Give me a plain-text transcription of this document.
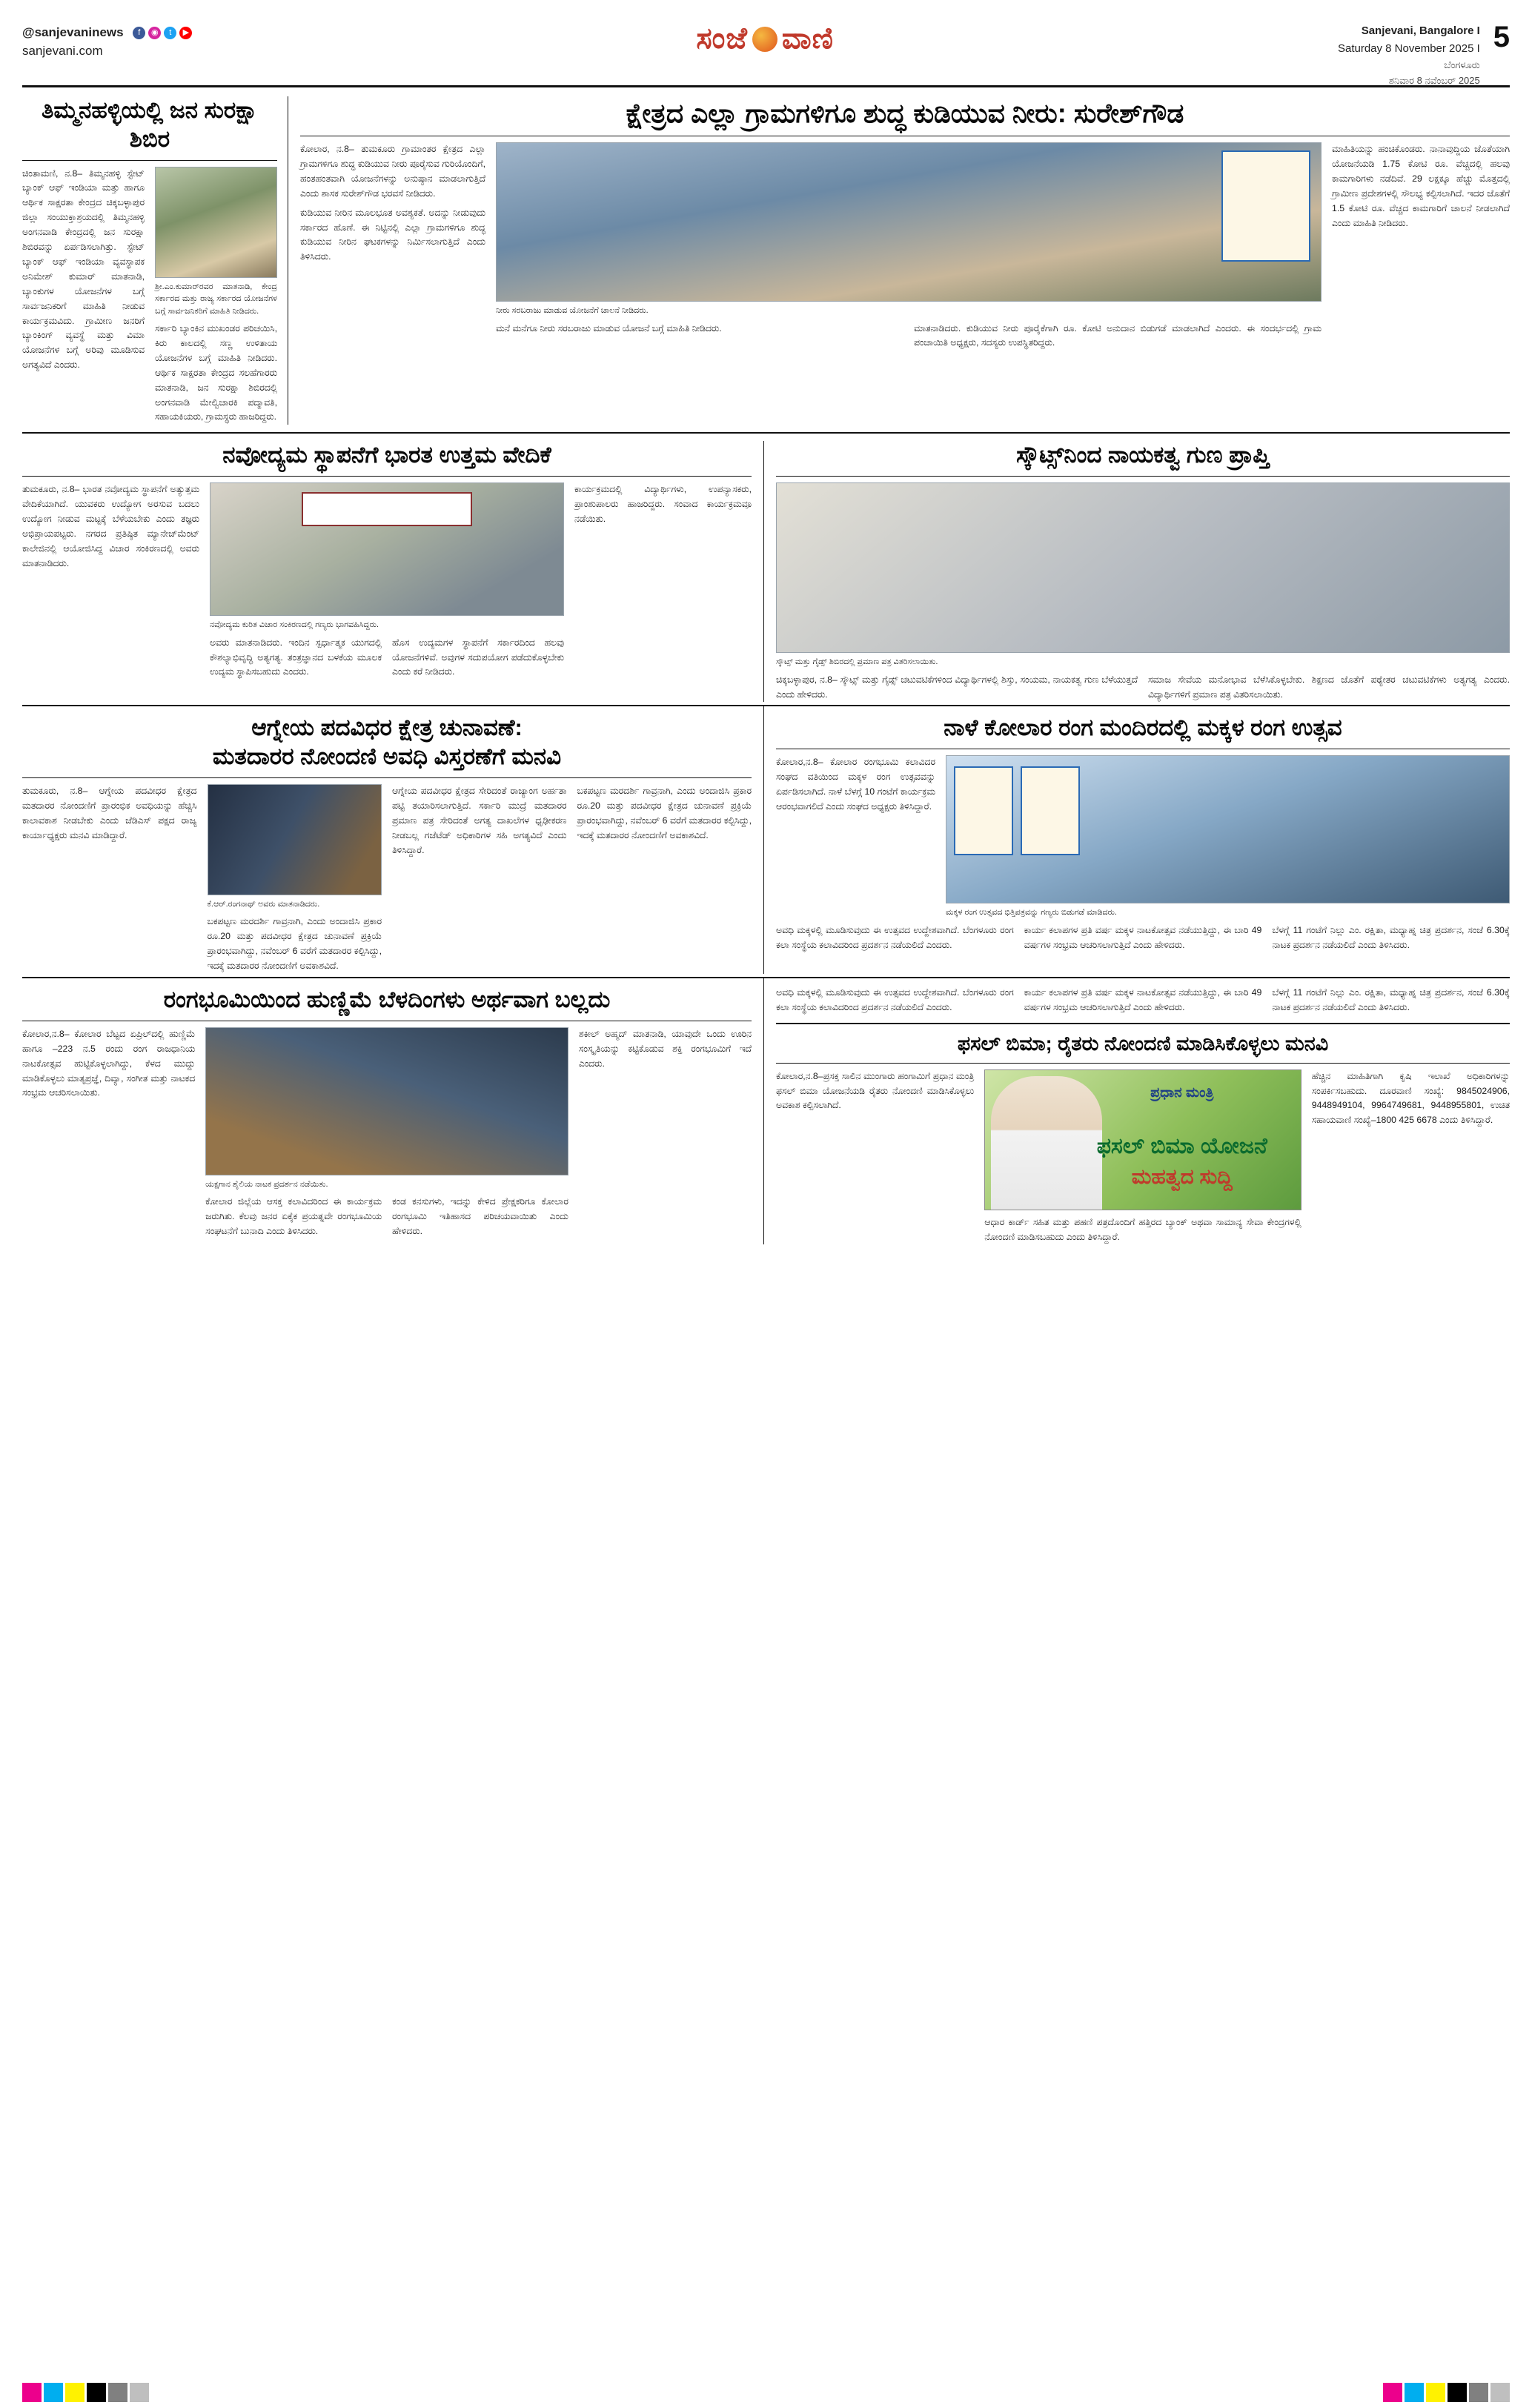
@sanjevaninews	f	◉	t	▶
sanjevani.com	ಸಂಜೆ ವಾಣಿ	Sanjevani, Bangalore I
Saturday 8 November 2025 I
ಬೆಂಗಳೂರು
ಶನಿವಾರ 8 ನವೆಂಬರ್ 2025
5
ತಿಮ್ಮನಹಳ್ಳಿಯಲ್ಲಿ ಜನ ಸುರಕ್ಷಾ ಶಿಬಿರ
ಚಿಂತಾಮಣಿ, ನ.8– ತಿಮ್ಮನಹಳ್ಳಿ ಸ್ಟೇಟ್‌ ಬ್ಯಾಂಕ್‌ ಆಫ್‌ ಇಂಡಿಯಾ ಮತ್ತು ಹಾಗೂ ಆರ್ಥಿಕ ಸಾಕ್ಷರತಾ ಕೇಂದ್ರದ ಚಿಕ್ಕಬಳ್ಳಾಪುರ ಜಿಲ್ಲಾ ಸಂಯುಕ್ತಾಶ್ರಯದಲ್ಲಿ ತಿಮ್ಮನಹಳ್ಳಿ ಅಂಗನವಾಡಿ ಕೇಂದ್ರದಲ್ಲಿ ಜನ ಸುರಕ್ಷಾ ಶಿಬಿರವನ್ನು ಏರ್ಪಡಿಸಲಾಗಿತ್ತು. ಸ್ಟೇಟ್ ಬ್ಯಾಂಕ್ ಆಫ್ ಇಂಡಿಯಾ ವ್ಯವಸ್ಥಾಪಕ ಅನಿಮೇಶ್ ಕುಮಾರ್ ಮಾತನಾಡಿ, ಬ್ಯಾಂಕುಗಳ ಯೋಜನೆಗಳ ಬಗ್ಗೆ ಸಾರ್ವಜನಿಕರಿಗೆ ಮಾಹಿತಿ ನೀಡುವ ಕಾರ್ಯಕ್ರಮವಿದು. ಗ್ರಾಮೀಣ ಜನರಿಗೆ ಬ್ಯಾಂಕಿಂಗ್ ವ್ಯವಸ್ಥೆ ಮತ್ತು ವಿಮಾ ಯೋಜನೆಗಳ ಬಗ್ಗೆ ಅರಿವು ಮೂಡಿಸುವ ಅಗತ್ಯವಿದೆ ಎಂದರು.
ಶ್ರೀ.ಎಂ.ಕುಮಾರ್‌ರವರ ಮಾತನಾಡಿ, ಕೇಂದ್ರ ಸರ್ಕಾರದ ಮತ್ತು ರಾಜ್ಯ ಸರ್ಕಾರದ ಯೋಜನೆಗಳ ಬಗ್ಗೆ ಸಾರ್ವಜನಿಕರಿಗೆ ಮಾಹಿತಿ ನೀಡಿದರು.
ಸರ್ಕಾರಿ ಬ್ಯಾಂಕಿನ ಮುಖಂಡರ ಪರಿಚಯಿಸಿ, ಕಿರು ಕಾಲದಲ್ಲಿ ಸಣ್ಣ ಉಳಿತಾಯ ಯೋಜನೆಗಳ ಬಗ್ಗೆ ಮಾಹಿತಿ ನೀಡಿದರು. ಆರ್ಥಿಕ ಸಾಕ್ಷರತಾ ಕೇಂದ್ರದ ಸಲಹೆಗಾರರು ಮಾತನಾಡಿ, ಜನ ಸುರಕ್ಷಾ ಶಿಬಿರದಲ್ಲಿ ಅಂಗನವಾಡಿ ಮೇಲ್ವಿಚಾರಕಿ ಪದ್ಮಾವತಿ, ಸಹಾಯಕಿಯರು, ಗ್ರಾಮಸ್ಥರು ಹಾಜರಿದ್ದರು.
ಕ್ಷೇತ್ರದ ಎಲ್ಲಾ ಗ್ರಾಮಗಳಿಗೂ ಶುದ್ಧ ಕುಡಿಯುವ ನೀರು: ಸುರೇಶ್‌ಗೌಡ
ಕೋಲಾರ, ನ.8– ತುಮಕೂರು ಗ್ರಾಮಾಂತರ ಕ್ಷೇತ್ರದ ಎಲ್ಲಾ ಗ್ರಾಮಗಳಿಗೂ ಶುದ್ಧ ಕುಡಿಯುವ ನೀರು ಪೂರೈಸುವ ಗುರಿಯೊಂದಿಗೆ, ಹಂತಹಂತವಾಗಿ ಯೋಜನೆಗಳನ್ನು ಅನುಷ್ಠಾನ ಮಾಡಲಾಗುತ್ತಿದೆ ಎಂದು ಶಾಸಕ ಸುರೇಶ್‌ಗೌಡ ಭರವಸೆ ನೀಡಿದರು.
ಕುಡಿಯುವ ನೀರಿನ ಮೂಲಭೂತ ಅವಶ್ಯಕತೆ. ಅದನ್ನು ನೀಡುವುದು ಸರ್ಕಾರದ ಹೊಣೆ. ಈ ನಿಟ್ಟಿನಲ್ಲಿ ಎಲ್ಲಾ ಗ್ರಾಮಗಳಿಗೂ ಶುದ್ಧ ಕುಡಿಯುವ ನೀರಿನ ಘಟಕಗಳನ್ನು ನಿರ್ಮಿಸಲಾಗುತ್ತಿದೆ ಎಂದು ತಿಳಿಸಿದರು.
ನೀರು ಸರಬರಾಜು ಮಾಡುವ ಯೋಜನೆಗೆ ಚಾಲನೆ ನೀಡಿದರು.
ಮನೆ ಮನೆಗೂ ನೀರು ಸರಬರಾಜು ಮಾಡುವ ಯೋಜನೆ ಬಗ್ಗೆ ಮಾಹಿತಿ ನೀಡಿದರು.	ಮಾತನಾಡಿದರು. ಕುಡಿಯುವ ನೀರು ಪೂರೈಕೆಗಾಗಿ ರೂ. ಕೋಟಿ ಅನುದಾನ ಬಿಡುಗಡೆ ಮಾಡಲಾಗಿದೆ ಎಂದರು. ಈ ಸಂದರ್ಭದಲ್ಲಿ ಗ್ರಾಮ ಪಂಚಾಯಿತಿ ಅಧ್ಯಕ್ಷರು, ಸದಸ್ಯರು ಉಪಸ್ಥಿತರಿದ್ದರು.
ಮಾಹಿತಿಯನ್ನು ಹಂಚಿಕೊಂಡರು. ನಾನಾವುದ್ದಿಯ ಜೊತೆಯಾಗಿ ಯೋಜನೆಯಡಿ 1.75 ಕೋಟಿ ರೂ. ವೆಚ್ಚದಲ್ಲಿ ಹಲವು ಕಾಮಗಾರಿಗಳು ನಡೆದಿವೆ. 29 ಲಕ್ಷಕ್ಕೂ ಹೆಚ್ಚು ಮೊತ್ತದಲ್ಲಿ ಗ್ರಾಮೀಣ ಪ್ರದೇಶಗಳಲ್ಲಿ ಸೌಲಭ್ಯ ಕಲ್ಪಿಸಲಾಗಿದೆ. ಇದರ ಜೊತೆಗೆ 1.5 ಕೋಟಿ ರೂ. ವೆಚ್ಚದ ಕಾಮಗಾರಿಗೆ ಚಾಲನೆ ನೀಡಲಾಗಿದೆ ಎಂದು ಮಾಹಿತಿ ನೀಡಿದರು.
ನವೋದ್ಯಮ ಸ್ಥಾಪನೆಗೆ ಭಾರತ ಉತ್ತಮ ವೇದಿಕೆ
ತುಮಕೂರು, ನ.8– ಭಾರತ ನವೋದ್ಯಮ ಸ್ಥಾಪನೆಗೆ ಅತ್ಯುತ್ತಮ ವೇದಿಕೆಯಾಗಿದೆ. ಯುವಕರು ಉದ್ಯೋಗ ಅರಸುವ ಬದಲು ಉದ್ಯೋಗ ನೀಡುವ ಮಟ್ಟಕ್ಕೆ ಬೆಳೆಯಬೇಕು ಎಂದು ತಜ್ಞರು ಅಭಿಪ್ರಾಯಪಟ್ಟರು. ನಗರದ ಪ್ರತಿಷ್ಠಿತ ಮ್ಯಾನೇಜ್‌ಮೆಂಟ್ ಕಾಲೇಜಿನಲ್ಲಿ ಆಯೋಜಿಸಿದ್ದ ವಿಚಾರ ಸಂಕಿರಣದಲ್ಲಿ ಅವರು ಮಾತನಾಡಿದರು.
ನವೋದ್ಯಮ ಕುರಿತ ವಿಚಾರ ಸಂಕಿರಣದಲ್ಲಿ ಗಣ್ಯರು ಭಾಗವಹಿಸಿದ್ದರು.
ಅವರು ಮಾತನಾಡಿದರು. ಇಂದಿನ ಸ್ಪರ್ಧಾತ್ಮಕ ಯುಗದಲ್ಲಿ ಕೌಶಲ್ಯಾಭಿವೃದ್ಧಿ ಅತ್ಯಗತ್ಯ. ತಂತ್ರಜ್ಞಾನದ ಬಳಕೆಯ ಮೂಲಕ ಉದ್ಯಮ ಸ್ಥಾಪಿಸಬಹುದು ಎಂದರು.
ಹೊಸ ಉದ್ಯಮಗಳ ಸ್ಥಾಪನೆಗೆ ಸರ್ಕಾರದಿಂದ ಹಲವು ಯೋಜನೆಗಳಿವೆ. ಅವುಗಳ ಸದುಪಯೋಗ ಪಡೆದುಕೊಳ್ಳಬೇಕು ಎಂದು ಕರೆ ನೀಡಿದರು.
ಕಾರ್ಯಕ್ರಮದಲ್ಲಿ ವಿದ್ಯಾರ್ಥಿಗಳು, ಉಪನ್ಯಾಸಕರು, ಪ್ರಾಂಶುಪಾಲರು ಹಾಜರಿದ್ದರು. ಸಂವಾದ ಕಾರ್ಯಕ್ರಮವೂ ನಡೆಯಿತು.
ಸ್ಕೌಟ್ಸ್‌ನಿಂದ ನಾಯಕತ್ವ ಗುಣ ಪ್ರಾಪ್ತಿ
ಸ್ಕೌಟ್ಸ್ ಮತ್ತು ಗೈಡ್ಸ್ ಶಿಬಿರದಲ್ಲಿ ಪ್ರಮಾಣ ಪತ್ರ ವಿತರಿಸಲಾಯಿತು.
ಚಿಕ್ಕಬಳ್ಳಾಪುರ, ನ.8– ಸ್ಕೌಟ್ಸ್ ಮತ್ತು ಗೈಡ್ಸ್ ಚಟುವಟಿಕೆಗಳಿಂದ ವಿದ್ಯಾರ್ಥಿಗಳಲ್ಲಿ ಶಿಸ್ತು, ಸಂಯಮ, ನಾಯಕತ್ವ ಗುಣ ಬೆಳೆಯುತ್ತದೆ ಎಂದು ಹೇಳಿದರು.
ಸಮಾಜ ಸೇವೆಯ ಮನೋಭಾವ ಬೆಳೆಸಿಕೊಳ್ಳಬೇಕು. ಶಿಕ್ಷಣದ ಜೊತೆಗೆ ಪಠ್ಯೇತರ ಚಟುವಟಿಕೆಗಳು ಅತ್ಯಗತ್ಯ ಎಂದರು. ವಿದ್ಯಾರ್ಥಿಗಳಿಗೆ ಪ್ರಮಾಣ ಪತ್ರ ವಿತರಿಸಲಾಯಿತು.
ಆಗ್ನೇಯ ಪದವಿಧರ ಕ್ಷೇತ್ರ ಚುನಾವಣೆ:
ಮತದಾರರ ನೋಂದಣಿ ಅವಧಿ ವಿಸ್ತರಣೆಗೆ ಮನವಿ
ತುಮಕೂರು, ನ.8– ಆಗ್ನೇಯ ಪದವೀಧರ ಕ್ಷೇತ್ರದ ಮತದಾರರ ನೋಂದಣಿಗೆ ಪ್ರಾರಂಭಿಕ ಅವಧಿಯನ್ನು ಹೆಚ್ಚಿಸಿ ಕಾಲಾವಕಾಶ ನೀಡಬೇಕು ಎಂದು ಜೆಡಿಎಸ್ ಪಕ್ಷದ ರಾಜ್ಯ ಕಾರ್ಯಾಧ್ಯಕ್ಷರು ಮನವಿ ಮಾಡಿದ್ದಾರೆ.
ಕೆ.ಆರ್.ರಂಗನಾಥ್ ಅವರು ಮಾತನಾಡಿದರು.
ಬಕಪಟ್ಟಣ ಮರದರ್ಶಿ ಗಾವ್ರನಾಗಿ, ಎಂದು ಅಂದಾಜಿಸಿ ಪ್ರಕಾರ ರೂ.20 ಮತ್ತು ಪದವೀಧರ ಕ್ಷೇತ್ರದ ಚುನಾವಣೆ ಪ್ರಕ್ರಿಯೆ ಪ್ರಾರಂಭವಾಗಿದ್ದು, ನವೆಂಬರ್ 6 ವರೆಗೆ ಮತದಾರರ ಕಲ್ಪಿಸಿದ್ದು, ಇದಕ್ಕೆ ಮತದಾರರ ನೋಂದಣಿಗೆ ಅವಕಾಶವಿದೆ.
ಆಗ್ನೇಯ ಪದವೀಧರ ಕ್ಷೇತ್ರದ ಸೇರಿದಂತೆ ರಾಜ್ಯಾಂಗ ಅರ್ಹತಾ ಪಟ್ಟಿ ತಯಾರಿಸಲಾಗುತ್ತಿದೆ. ಸರ್ಕಾರಿ ಮುದ್ರೆ ಮತದಾರರ ಪ್ರಮಾಣ ಪತ್ರ ಸೇರಿದಂತೆ ಅಗತ್ಯ ದಾಖಲೆಗಳ ಧೃಢೀಕರಣ ನೀಡಬಲ್ಲ ಗಜೆಟೆಡ್ ಅಧಿಕಾರಿಗಳ ಸಹಿ ಅಗತ್ಯವಿದೆ ಎಂದು ತಿಳಿಸಿದ್ದಾರೆ.
ಬಕಪಟ್ಟಣ ಮರದರ್ಶಿ ಗಾವ್ರನಾಗಿ, ಎಂದು ಅಂದಾಜಿಸಿ ಪ್ರಕಾರ ರೂ.20 ಮತ್ತು ಪದವೀಧರ ಕ್ಷೇತ್ರದ ಚುನಾವಣೆ ಪ್ರಕ್ರಿಯೆ ಪ್ರಾರಂಭವಾಗಿದ್ದು, ನವೆಂಬರ್ 6 ವರೆಗೆ ಮತದಾರರ ಕಲ್ಪಿಸಿದ್ದು, ಇದಕ್ಕೆ ಮತದಾರರ ನೋಂದಣಿಗೆ ಅವಕಾಶವಿದೆ.
ನಾಳೆ ಕೋಲಾರ ರಂಗ ಮಂದಿರದಲ್ಲಿ ಮಕ್ಕಳ ರಂಗ ಉತ್ಸವ
ಕೋಲಾರ,ನ.8– ಕೋಲಾರ ರಂಗಭೂಮಿ ಕಲಾವಿದರ ಸಂಘದ ವತಿಯಿಂದ ಮಕ್ಕಳ ರಂಗ ಉತ್ಸವವನ್ನು ಏರ್ಪಡಿಸಲಾಗಿದೆ. ನಾಳೆ ಬೆಳಗ್ಗೆ 10 ಗಂಟೆಗೆ ಕಾರ್ಯಕ್ರಮ ಆರಂಭವಾಗಲಿದೆ ಎಂದು ಸಂಘದ ಅಧ್ಯಕ್ಷರು ತಿಳಿಸಿದ್ದಾರೆ.
ಮಕ್ಕಳ ರಂಗ ಉತ್ಸವದ ಭಿತ್ತಿಪತ್ರವನ್ನು ಗಣ್ಯರು ಬಿಡುಗಡೆ ಮಾಡಿದರು.
ಅವಧಿ ಮಕ್ಕಳಲ್ಲಿ ಮೂಡಿಸುವುದು ಈ ಉತ್ಸವದ ಉದ್ದೇಶವಾಗಿದೆ. ಬೆಂಗಳೂರು ರಂಗ ಕಲಾ ಸಂಸ್ಥೆಯ ಕಲಾವಿದರಿಂದ ಪ್ರದರ್ಶನ ನಡೆಯಲಿದೆ ಎಂದರು.
ಕಾರ್ಯ ಕಲಾಪಗಳ ಪ್ರತಿ ವರ್ಷ ಮಕ್ಕಳ ನಾಟಕೋತ್ಸವ ನಡೆಯುತ್ತಿದ್ದು, ಈ ಬಾರಿ 49 ವರ್ಷಗಳ ಸಂಭ್ರಮ ಆಚರಿಸಲಾಗುತ್ತಿದೆ ಎಂದು ಹೇಳಿದರು.
ಬೆಳಗ್ಗೆ 11 ಗಂಟೆಗೆ ನಿಲ್ಲು ಎಂ. ರಕ್ಷಿತಾ, ಮಧ್ಯಾಹ್ನ ಚಿತ್ರ ಪ್ರದರ್ಶನ, ಸಂಜೆ 6.30ಕ್ಕೆ ನಾಟಕ ಪ್ರದರ್ಶನ ನಡೆಯಲಿದೆ ಎಂದು ತಿಳಿಸಿದರು.
ರಂಗಭೂಮಿಯಿಂದ ಹುಣ್ಣಿಮೆ ಬೆಳದಿಂಗಳು ಅರ್ಥವಾಗ ಬಲ್ಲದು
ಕೋಲಾರ,ನ.8– ಕೋಲಾರ ಬೆಟ್ಟದ ಏಪ್ರಿಲ್‌ದಲ್ಲಿ ಹುಣ್ಣಿಮೆ ಹಾಗೂ –223 ನ.5 ರಂದು ರಂಗ ರಾಜಧಾನಿಯ ನಾಟಕೋತ್ಸವ ಹುಟ್ಟಿಕೊಳ್ಳಲಾಗಿದ್ದು, ಕೆಳದ ಮುದ್ದು ಮಾಡಿಕೊಳ್ಳಲು ಮಾತೃಪ್ರಜ್ಞೆ, ದಿವ್ಯಾ, ಸಂಗೀತ ಮತ್ತು ನಾಟಕದ ಸಂಭ್ರಮ ಆಚರಿಸಲಾಯಿತು.
ಯಕ್ಷಗಾನ ಶೈಲಿಯ ನಾಟಕ ಪ್ರದರ್ಶನ ನಡೆಯಿತು.
ಕೋಲಾರ ಜಿಲ್ಲೆಯ ಆಸಕ್ತ ಕಲಾವಿದರಿಂದ ಈ ಕಾರ್ಯಕ್ರಮ ಜರುಗಿತು. ಕೆಲವು ಜನರ ಏಕೈಕ ಪ್ರಯತ್ನವೇ ರಂಗಭೂಮಿಯ ಸಂಘಟನೆಗೆ ಬುನಾದಿ ಎಂದು ತಿಳಿಸಿದರು.
ಕಂಡ ಕನಸುಗಳು, ಇದನ್ನು ಕೇಳಿದ ಪ್ರೇಕ್ಷಕರಿಗೂ ಕೋಲಾರ ರಂಗಭೂಮಿ ಇತಿಹಾಸದ ಪರಿಚಯವಾಯಿತು ಎಂದು ಹೇಳಿದರು.
ಶಕೀಲ್ ಅಹ್ಮದ್ ಮಾತನಾಡಿ, ಯಾವುದೇ ಒಂದು ಊರಿನ ಸಂಸ್ಕೃತಿಯನ್ನು ಕಟ್ಟಿಕೊಡುವ ಶಕ್ತಿ ರಂಗಭೂಮಿಗೆ ಇದೆ ಎಂದರು.
ಅವಧಿ ಮಕ್ಕಳಲ್ಲಿ ಮೂಡಿಸುವುದು ಈ ಉತ್ಸವದ ಉದ್ದೇಶವಾಗಿದೆ. ಬೆಂಗಳೂರು ರಂಗ ಕಲಾ ಸಂಸ್ಥೆಯ ಕಲಾವಿದರಿಂದ ಪ್ರದರ್ಶನ ನಡೆಯಲಿದೆ ಎಂದರು.
ಕಾರ್ಯ ಕಲಾಪಗಳ ಪ್ರತಿ ವರ್ಷ ಮಕ್ಕಳ ನಾಟಕೋತ್ಸವ ನಡೆಯುತ್ತಿದ್ದು, ಈ ಬಾರಿ 49 ವರ್ಷಗಳ ಸಂಭ್ರಮ ಆಚರಿಸಲಾಗುತ್ತಿದೆ ಎಂದು ಹೇಳಿದರು.
ಬೆಳಗ್ಗೆ 11 ಗಂಟೆಗೆ ನಿಲ್ಲು ಎಂ. ರಕ್ಷಿತಾ, ಮಧ್ಯಾಹ್ನ ಚಿತ್ರ ಪ್ರದರ್ಶನ, ಸಂಜೆ 6.30ಕ್ಕೆ ನಾಟಕ ಪ್ರದರ್ಶನ ನಡೆಯಲಿದೆ ಎಂದು ತಿಳಿಸಿದರು.
ಫಸಲ್ ಬಿಮಾ; ರೈತರು ನೋಂದಣಿ ಮಾಡಿಸಿಕೊಳ್ಳಲು ಮನವಿ
ಕೋಲಾರ,ನ.8–ಪ್ರಸಕ್ತ ಸಾಲಿನ ಮುಂಗಾರು ಹಂಗಾಮಿಗೆ ಪ್ರಧಾನ ಮಂತ್ರಿ ಫಸಲ್ ಬಿಮಾ ಯೋಜನೆಯಡಿ ರೈತರು ನೋಂದಣಿ ಮಾಡಿಸಿಕೊಳ್ಳಲು ಅವಕಾಶ ಕಲ್ಪಿಸಲಾಗಿದೆ.
ಪ್ರಧಾನ ಮಂತ್ರಿ
ಫಸಲ್ ಬಿಮಾ ಯೋಜನೆ
ಮಹತ್ವದ ಸುದ್ದಿ
ಆಧಾರ ಕಾರ್ಡ್ ಸಹಿತ ಮತ್ತು ಪಹಣಿ ಪತ್ರದೊಂದಿಗೆ ಹತ್ತಿರದ ಬ್ಯಾಂಕ್ ಅಥವಾ ಸಾಮಾನ್ಯ ಸೇವಾ ಕೇಂದ್ರಗಳಲ್ಲಿ ನೋಂದಣಿ ಮಾಡಿಸಬಹುದು ಎಂದು ತಿಳಿಸಿದ್ದಾರೆ.
ಹೆಚ್ಚಿನ ಮಾಹಿತಿಗಾಗಿ ಕೃಷಿ ಇಲಾಖೆ ಅಧಿಕಾರಿಗಳನ್ನು ಸಂಪರ್ಕಿಸಬಹುದು. ದೂರವಾಣಿ ಸಂಖ್ಯೆ: 9845024906, 9448949104, 9964749681, 9448955801, ಉಚಿತ ಸಹಾಯವಾಣಿ ಸಂಖ್ಯೆ–1800 425 6678 ಎಂದು ತಿಳಿಸಿದ್ದಾರೆ.
